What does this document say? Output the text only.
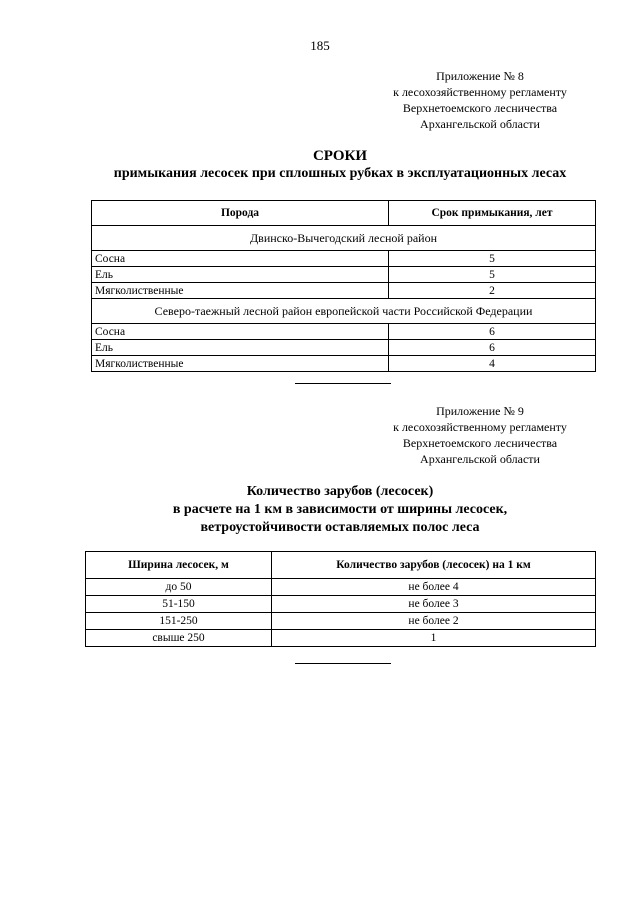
185
Приложение № 8
к лесохозяйственному регламенту
Верхнетоемского лесничества
Архангельской области
СРОКИ
примыкания лесосек при сплошных рубках в эксплуатационных лесах
Порода	Срок примыкания, лет
Двинско-Вычегодский лесной район	
Сосна	5
Ель	5
Мягколиственные	2
Северо-таежный лесной район европейской части Российской Федерации	
Сосна	6
Ель	6
Мягколиственные	4
Приложение № 9
к лесохозяйственному регламенту
Верхнетоемского лесничества
Архангельской области
Количество зарубов (лесосек)
в расчете на 1 км в зависимости от ширины лесосек,
ветроустойчивости оставляемых полос леса
Ширина лесосек, м	Количество зарубов (лесосек) на 1 км
до 50	не более 4
51-150	не более 3
151-250	не более 2
свыше 250	1
